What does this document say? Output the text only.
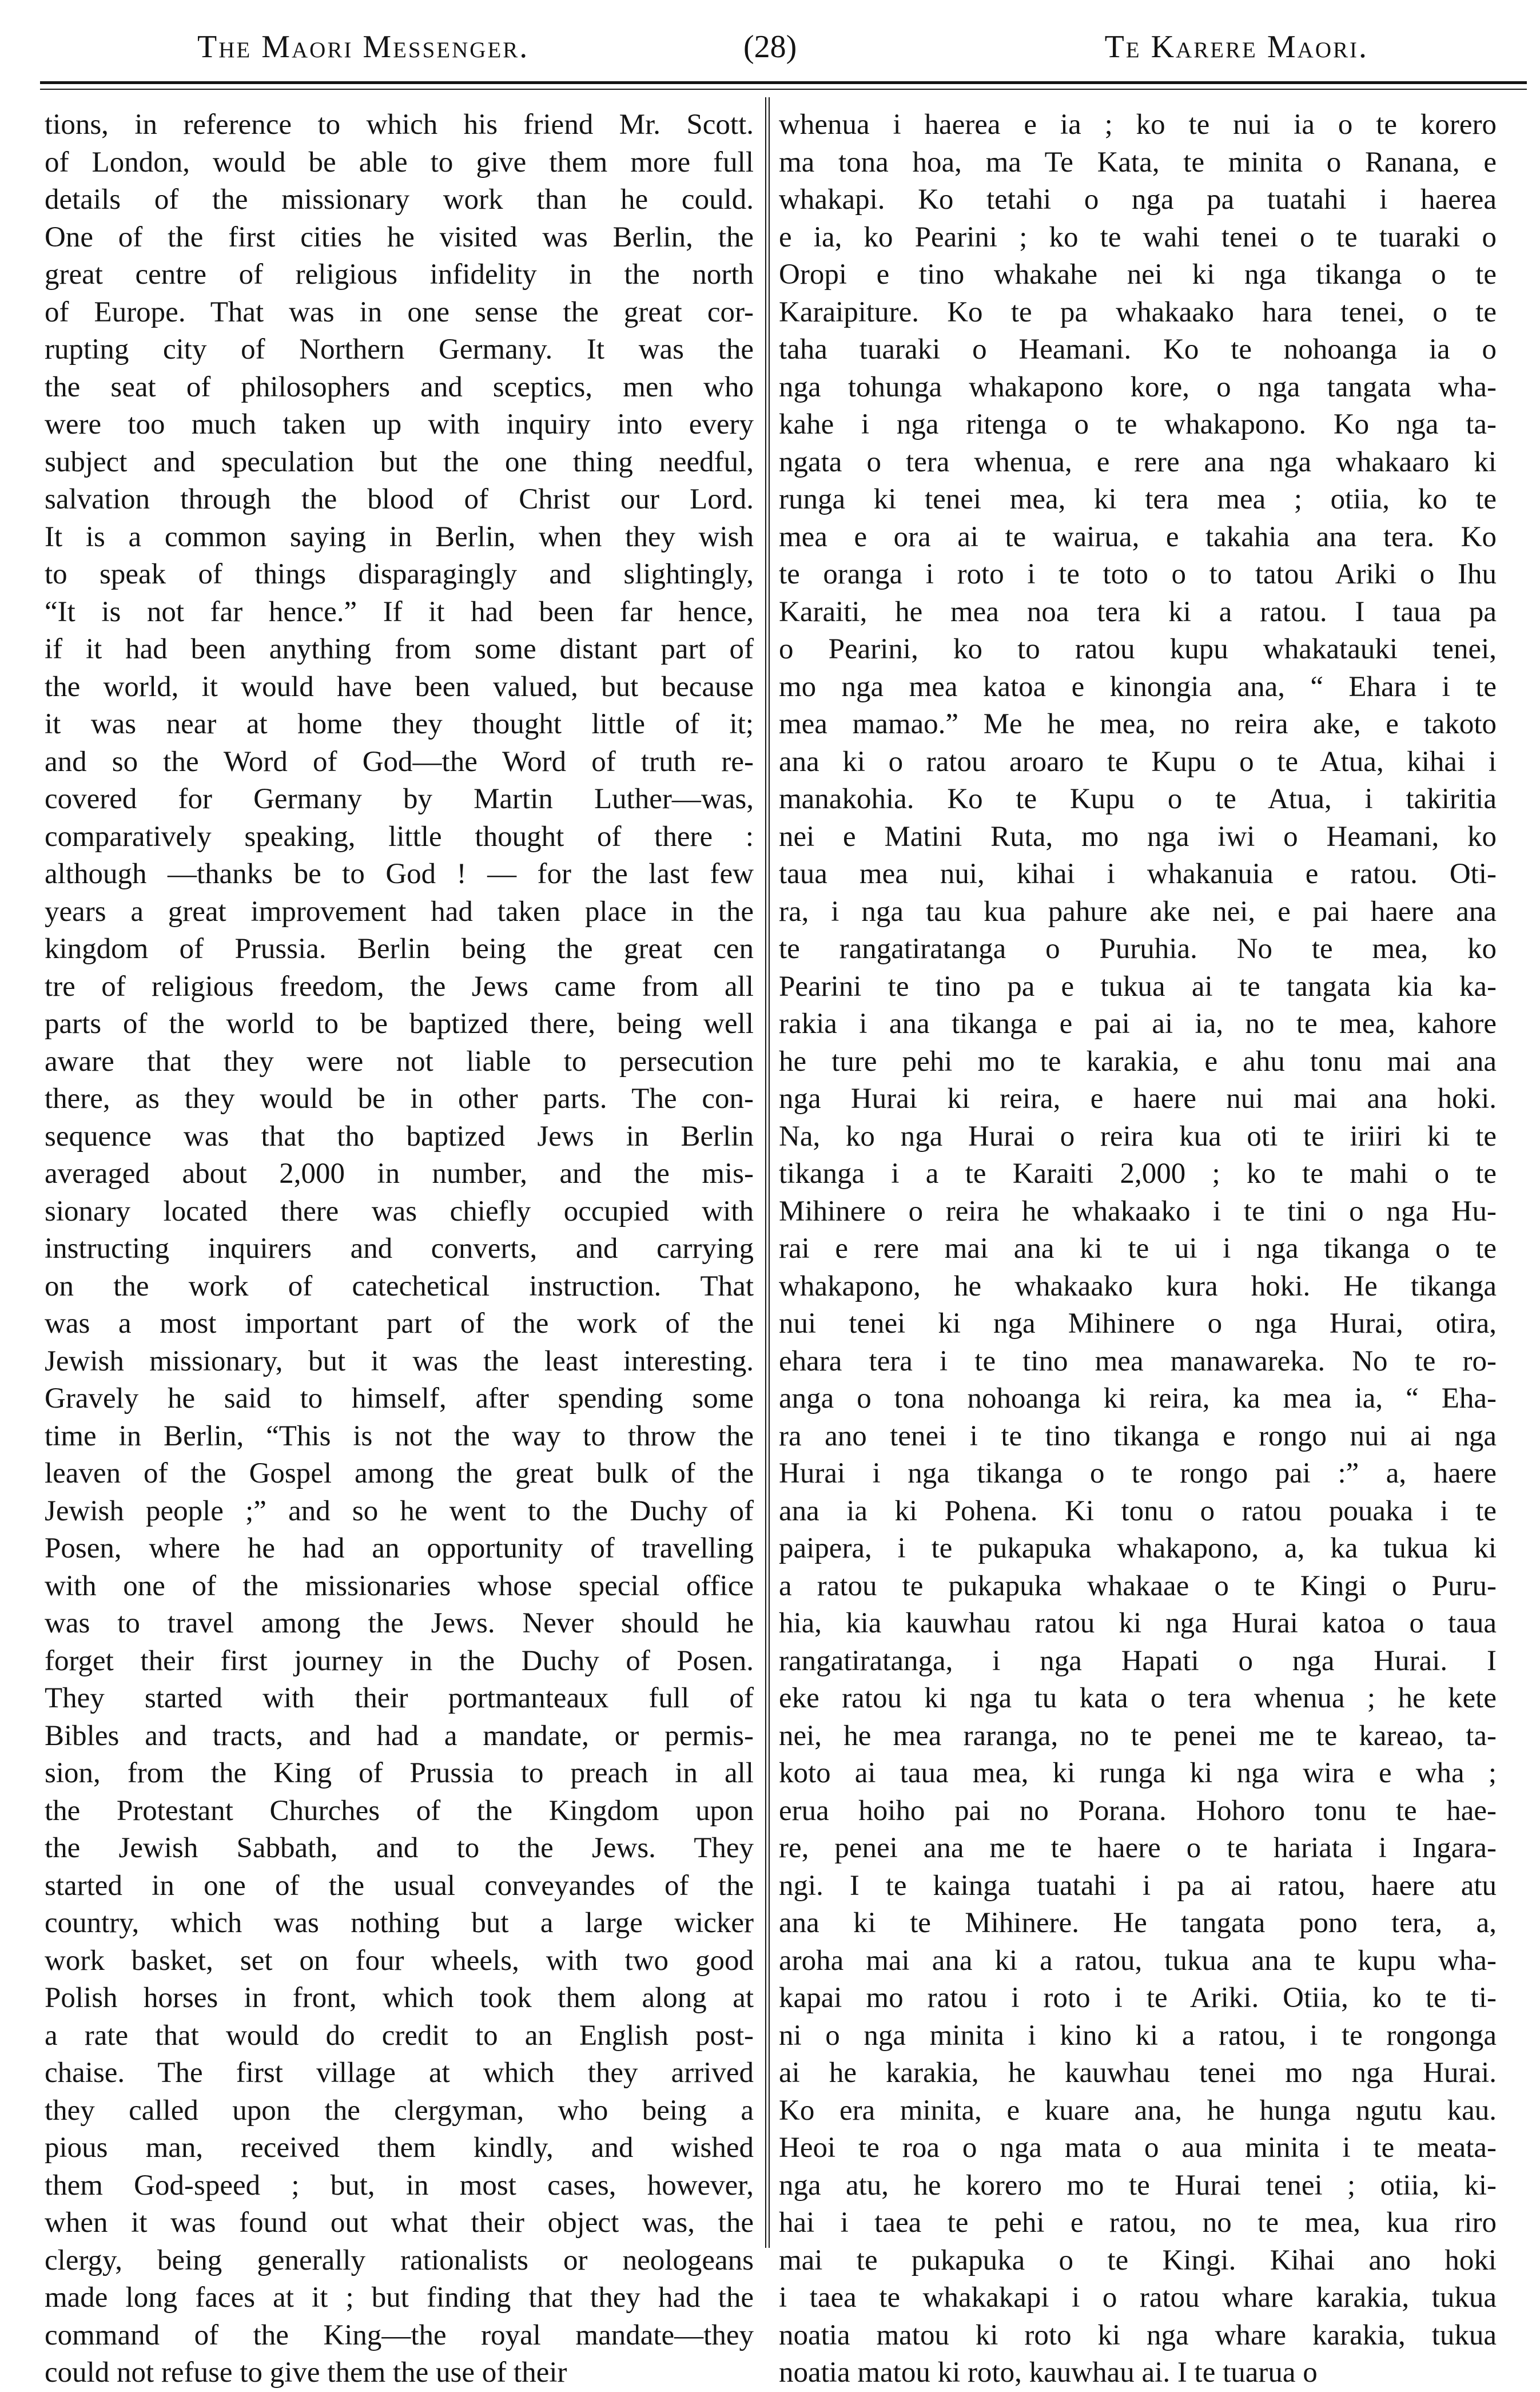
The Maori Messenger.	(28)	Te Karere Maori.
tions, in reference to which his friend Mr. Scott.
of London, would be able to give them more full
details of the missionary work than he could.
One of the first cities he visited was Berlin, the
great centre of religious infidelity in the north
of Europe. That was in one sense the great cor-
rupting city of Northern Germany. It was the
the seat of philosophers and sceptics, men who
were too much taken up with inquiry into every
subject and speculation but the one thing needful,
salvation through the blood of Christ our Lord.
It is a common saying in Berlin, when they wish
to speak of things disparagingly and slightingly,
“It is not far hence.” If it had been far hence,
if it had been anything from some distant part of
the world, it would have been valued, but because
it was near at home they thought little of it;
and so the Word of God—the Word of truth re-
covered for Germany by Martin Luther—was,
comparatively speaking, little thought of there :
although —thanks be to God ! — for the last few
years a great improvement had taken place in the
kingdom of Prussia. Berlin being the great cen
tre of religious freedom, the Jews came from all
parts of the world to be baptized there, being well
aware that they were not liable to persecution
there, as they would be in other parts. The con-
sequence was that tho baptized Jews in Berlin
averaged about 2,000 in number, and the mis-
sionary located there was chiefly occupied with
instructing inquirers and converts, and carrying
on the work of catechetical instruction. That
was a most important part of the work of the
Jewish missionary, but it was the least interesting.
Gravely he said to himself, after spending some
time in Berlin, “This is not the way to throw the
leaven of the Gospel among the great bulk of the
Jewish people ;” and so he went to the Duchy of
Posen, where he had an opportunity of travelling
with one of the missionaries whose special office
was to travel among the Jews. Never should he
forget their first journey in the Duchy of Posen.
They started with their portmanteaux full of
Bibles and tracts, and had a mandate, or permis-
sion, from the King of Prussia to preach in all
the Protestant Churches of the Kingdom upon
the Jewish Sabbath, and to the Jews. They
started in one of the usual conveyandes of the
country, which was nothing but a large wicker
work basket, set on four wheels, with two good
Polish horses in front, which took them along at
a rate that would do credit to an English post-
chaise. The first village at which they arrived
they called upon the clergyman, who being a
pious man, received them kindly, and wished
them God-speed ; but, in most cases, however,
when it was found out what their object was, the
clergy, being generally rationalists or neologeans
made long faces at it ; but finding that they had the
command of the King—the royal mandate—they
could not refuse to give them the use of their
whenua i haerea e ia ; ko te nui ia o te korero
ma tona hoa, ma Te Kata, te minita o Ranana, e
whakapi. Ko tetahi o nga pa tuatahi i haerea
e ia, ko Pearini ; ko te wahi tenei o te tuaraki o
Oropi e tino whakahe nei ki nga tikanga o te
Karaipiture. Ko te pa whakaako hara tenei, o te
taha tuaraki o Heamani. Ko te nohoanga ia o
nga tohunga whakapono kore, o nga tangata wha-
kahe i nga ritenga o te whakapono. Ko nga ta-
ngata o tera whenua, e rere ana nga whakaaro ki
runga ki tenei mea, ki tera mea ; otiia, ko te
mea e ora ai te wairua, e takahia ana tera. Ko
te oranga i roto i te toto o to tatou Ariki o Ihu
Karaiti, he mea noa tera ki a ratou. I taua pa
o Pearini, ko to ratou kupu whakatauki tenei,
mo nga mea katoa e kinongia ana, “ Ehara i te
mea mamao.” Me he mea, no reira ake, e takoto
ana ki o ratou aroaro te Kupu o te Atua, kihai i
manakohia. Ko te Kupu o te Atua, i takiritia
nei e Matini Ruta, mo nga iwi o Heamani, ko
taua mea nui, kihai i whakanuia e ratou. Oti-
ra, i nga tau kua pahure ake nei, e pai haere ana
te rangatiratanga o Puruhia. No te mea, ko
Pearini te tino pa e tukua ai te tangata kia ka-
rakia i ana tikanga e pai ai ia, no te mea, kahore
he ture pehi mo te karakia, e ahu tonu mai ana
nga Hurai ki reira, e haere nui mai ana hoki.
Na, ko nga Hurai o reira kua oti te iriiri ki te
tikanga i a te Karaiti 2,000 ; ko te mahi o te
Mihinere o reira he whakaako i te tini o nga Hu-
rai e rere mai ana ki te ui i nga tikanga o te
whakapono, he whakaako kura hoki. He tikanga
nui tenei ki nga Mihinere o nga Hurai, otira,
ehara tera i te tino mea manawareka. No te ro-
anga o tona nohoanga ki reira, ka mea ia, “ Eha-
ra ano tenei i te tino tikanga e rongo nui ai nga
Hurai i nga tikanga o te rongo pai :” a, haere
ana ia ki Pohena. Ki tonu o ratou pouaka i te
paipera, i te pukapuka whakapono, a, ka tukua ki
a ratou te pukapuka whakaae o te Kingi o Puru-
hia, kia kauwhau ratou ki nga Hurai katoa o taua
rangatiratanga, i nga Hapati o nga Hurai. I
eke ratou ki nga tu kata o tera whenua ; he kete
nei, he mea raranga, no te penei me te kareao, ta-
koto ai taua mea, ki runga ki nga wira e wha ;
erua hoiho pai no Porana. Hohoro tonu te hae-
re, penei ana me te haere o te hariata i Ingara-
ngi. I te kainga tuatahi i pa ai ratou, haere atu
ana ki te Mihinere. He tangata pono tera, a,
aroha mai ana ki a ratou, tukua ana te kupu wha-
kapai mo ratou i roto i te Ariki. Otiia, ko te ti-
ni o nga minita i kino ki a ratou, i te rongonga
ai he karakia, he kauwhau tenei mo nga Hurai.
Ko era minita, e kuare ana, he hunga ngutu kau.
Heoi te roa o nga mata o aua minita i te meata-
nga atu, he korero mo te Hurai tenei ; otiia, ki-
hai i taea te pehi e ratou, no te mea, kua riro
mai te pukapuka o te Kingi. Kihai ano hoki
i taea te whakakapi i o ratou whare karakia, tukua
noatia matou ki roto ki nga whare karakia, tukua
noatia matou ki roto, kauwhau ai. I te tuarua o
